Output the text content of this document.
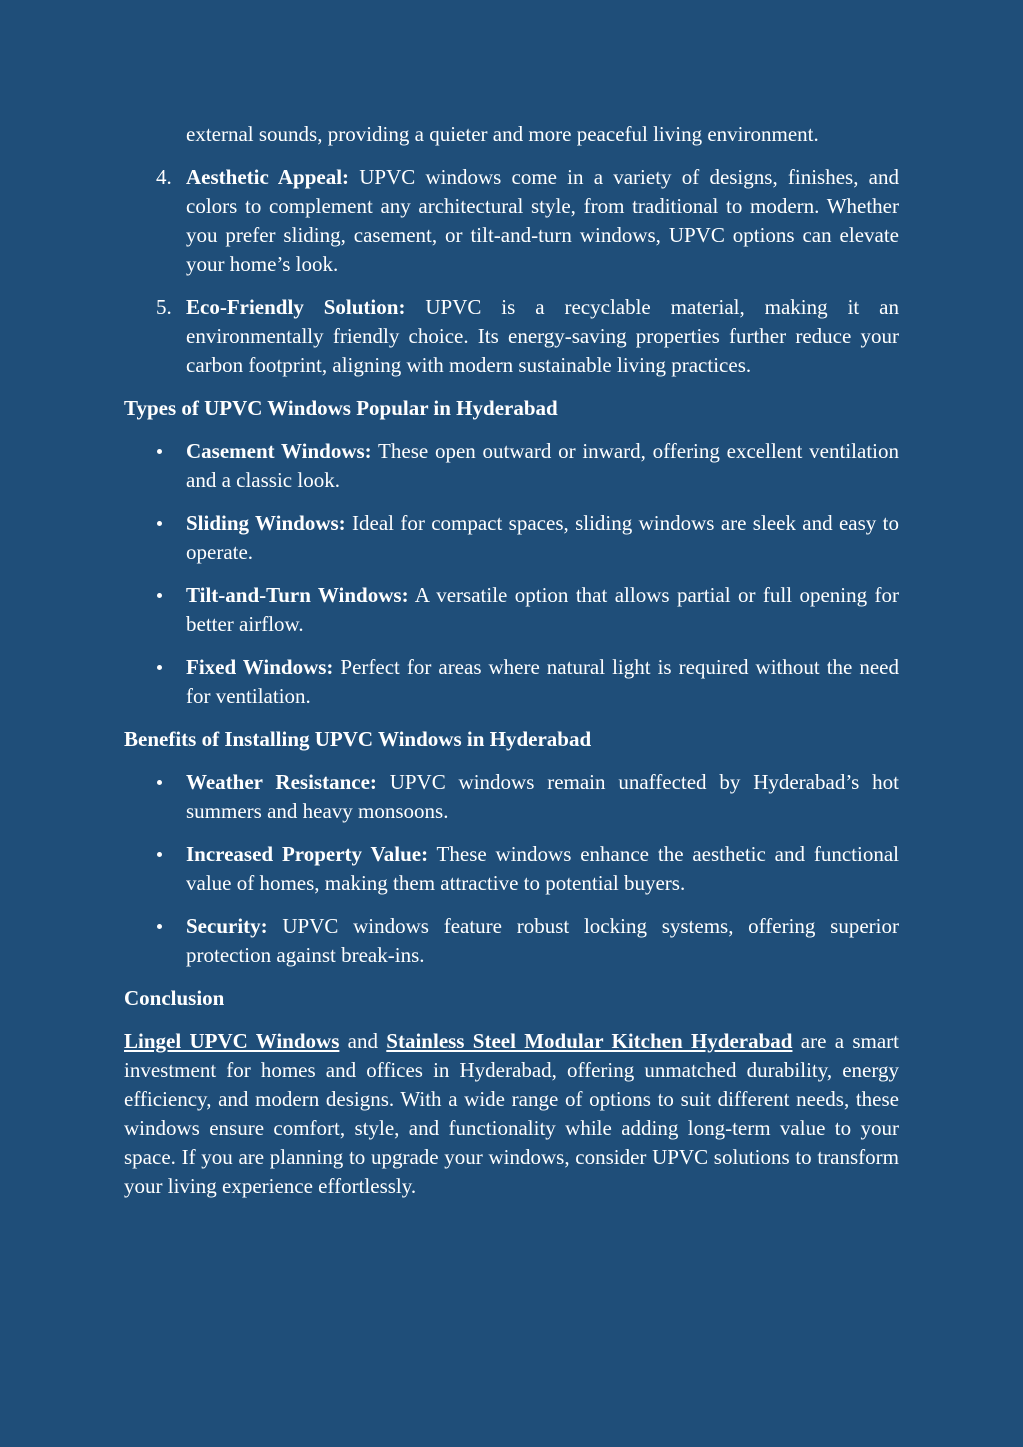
external sounds, providing a quieter and more peaceful living environment.

4. Aesthetic Appeal: UPVC windows come in a variety of designs, finishes, and colors to complement any architectural style, from traditional to modern. Whether you prefer sliding, casement, or tilt-and-turn windows, UPVC options can elevate your home’s look.
5. Eco-Friendly Solution: UPVC is a recyclable material, making it an environmentally friendly choice. Its energy-saving properties further reduce your carbon footprint, aligning with modern sustainable living practices.
Types of UPVC Windows Popular in Hyderabad
Casement Windows: These open outward or inward, offering excellent ventilation and a classic look.
Sliding Windows: Ideal for compact spaces, sliding windows are sleek and easy to operate.
Tilt-and-Turn Windows: A versatile option that allows partial or full opening for better airflow.
Fixed Windows: Perfect for areas where natural light is required without the need for ventilation.
Benefits of Installing UPVC Windows in Hyderabad
Weather Resistance: UPVC windows remain unaffected by Hyderabad’s hot summers and heavy monsoons.
Increased Property Value: These windows enhance the aesthetic and functional value of homes, making them attractive to potential buyers.
Security: UPVC windows feature robust locking systems, offering superior protection against break-ins.
Conclusion

Lingel UPVC Windows and Stainless Steel Modular Kitchen Hyderabad are a smart investment for homes and offices in Hyderabad, offering unmatched durability, energy efficiency, and modern designs. With a wide range of options to suit different needs, these windows ensure comfort, style, and functionality while adding long-term value to your space. If you are planning to upgrade your windows, consider UPVC solutions to transform your living experience effortlessly.
